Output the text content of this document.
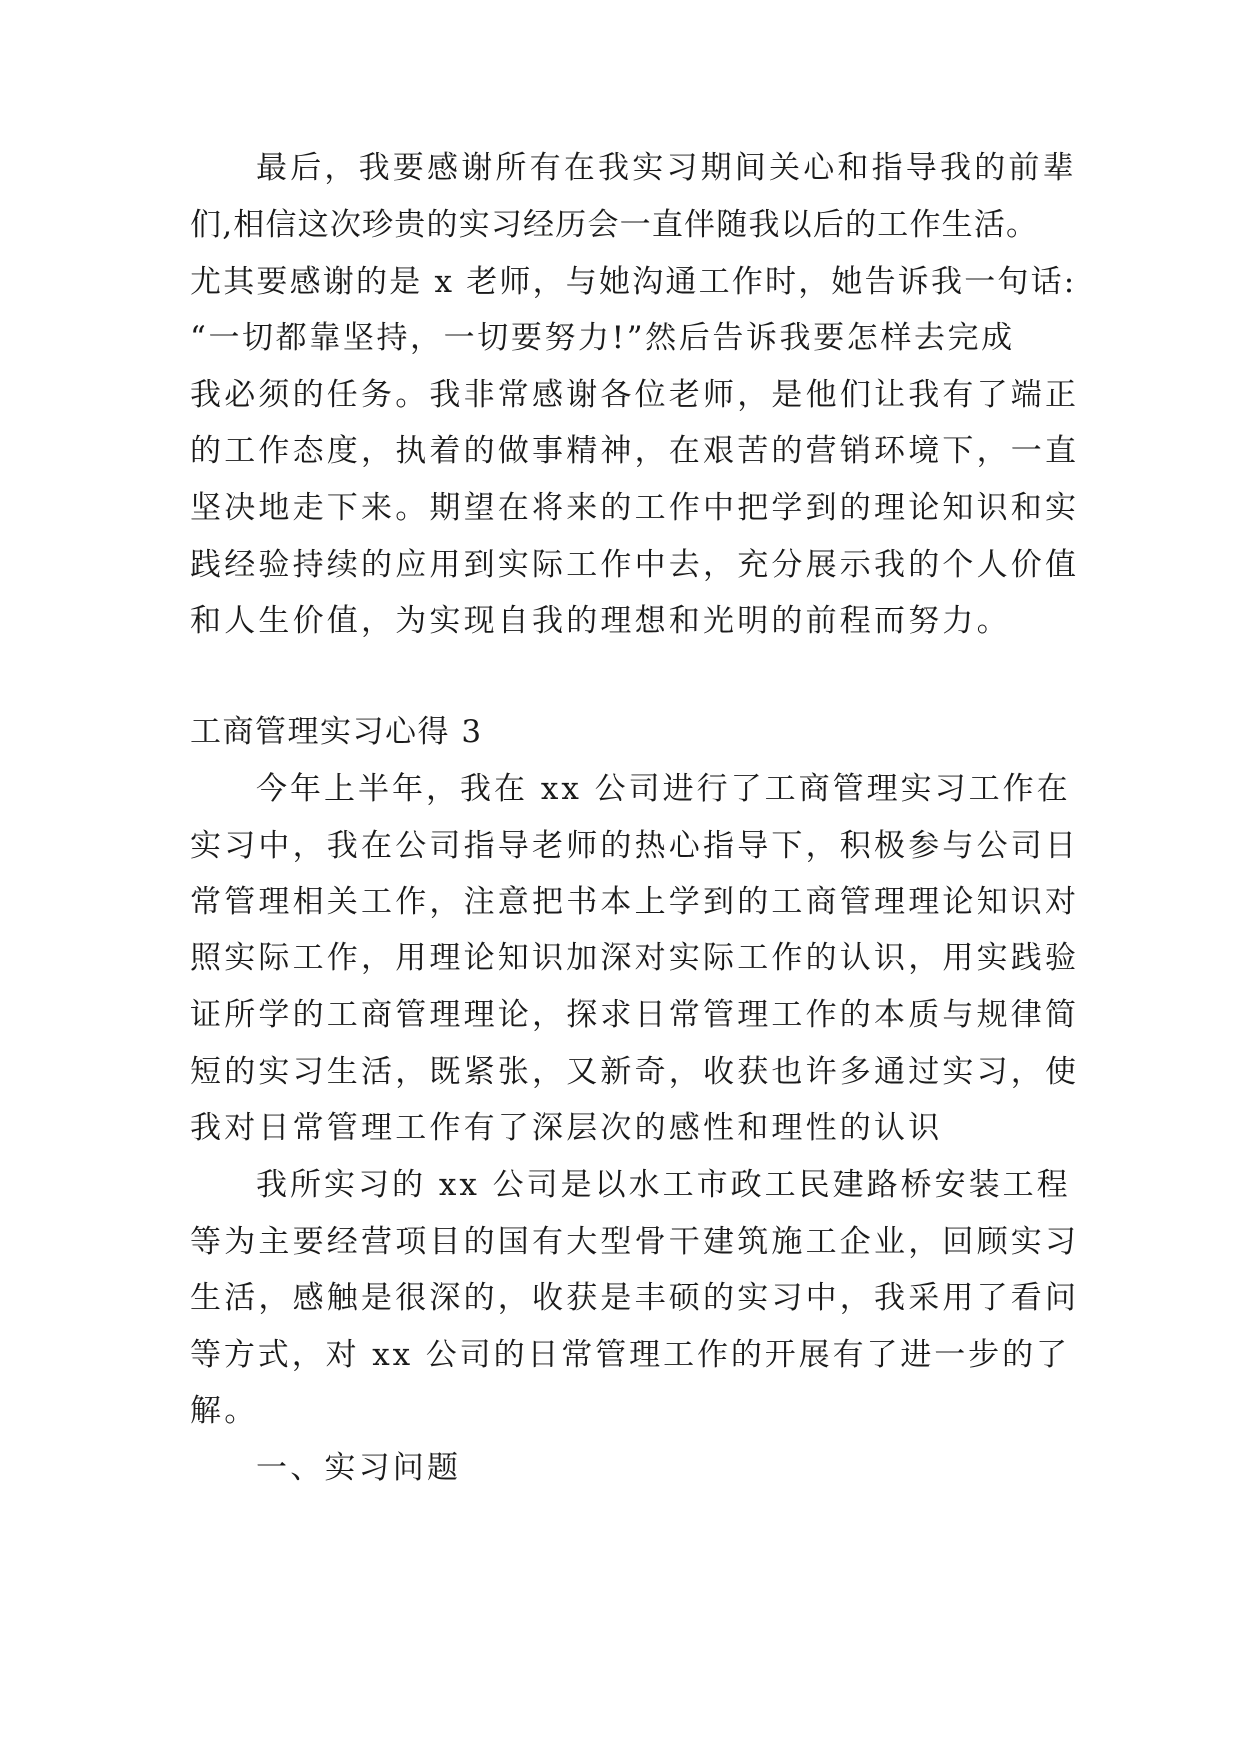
最后，我要感谢所有在我实习期间关心和指导我的前辈
们,相信这次珍贵的实习经历会一直伴随我以后的工作生活。
尤其要感谢的是 x 老师，与她沟通工作时，她告诉我一句话:
“一切都靠坚持，一切要努力!”然后告诉我要怎样去完成
我必须的任务。我非常感谢各位老师，是他们让我有了端正
的工作态度，执着的做事精神，在艰苦的营销环境下，一直
坚决地走下来。期望在将来的工作中把学到的理论知识和实
践经验持续的应用到实际工作中去，充分展示我的个人价值
和人生价值，为实现自我的理想和光明的前程而努力。
工商管理实习心得 3
今年上半年，我在 xx 公司进行了工商管理实习工作在
实习中，我在公司指导老师的热心指导下，积极参与公司日
常管理相关工作，注意把书本上学到的工商管理理论知识对
照实际工作，用理论知识加深对实际工作的认识，用实践验
证所学的工商管理理论，探求日常管理工作的本质与规律简
短的实习生活，既紧张，又新奇，收获也许多通过实习，使
我对日常管理工作有了深层次的感性和理性的认识
我所实习的 xx 公司是以水工市政工民建路桥安装工程
等为主要经营项目的国有大型骨干建筑施工企业，回顾实习
生活，感触是很深的，收获是丰硕的实习中，我采用了看问
等方式，对 xx 公司的日常管理工作的开展有了进一步的了
解。
一、实习问题
